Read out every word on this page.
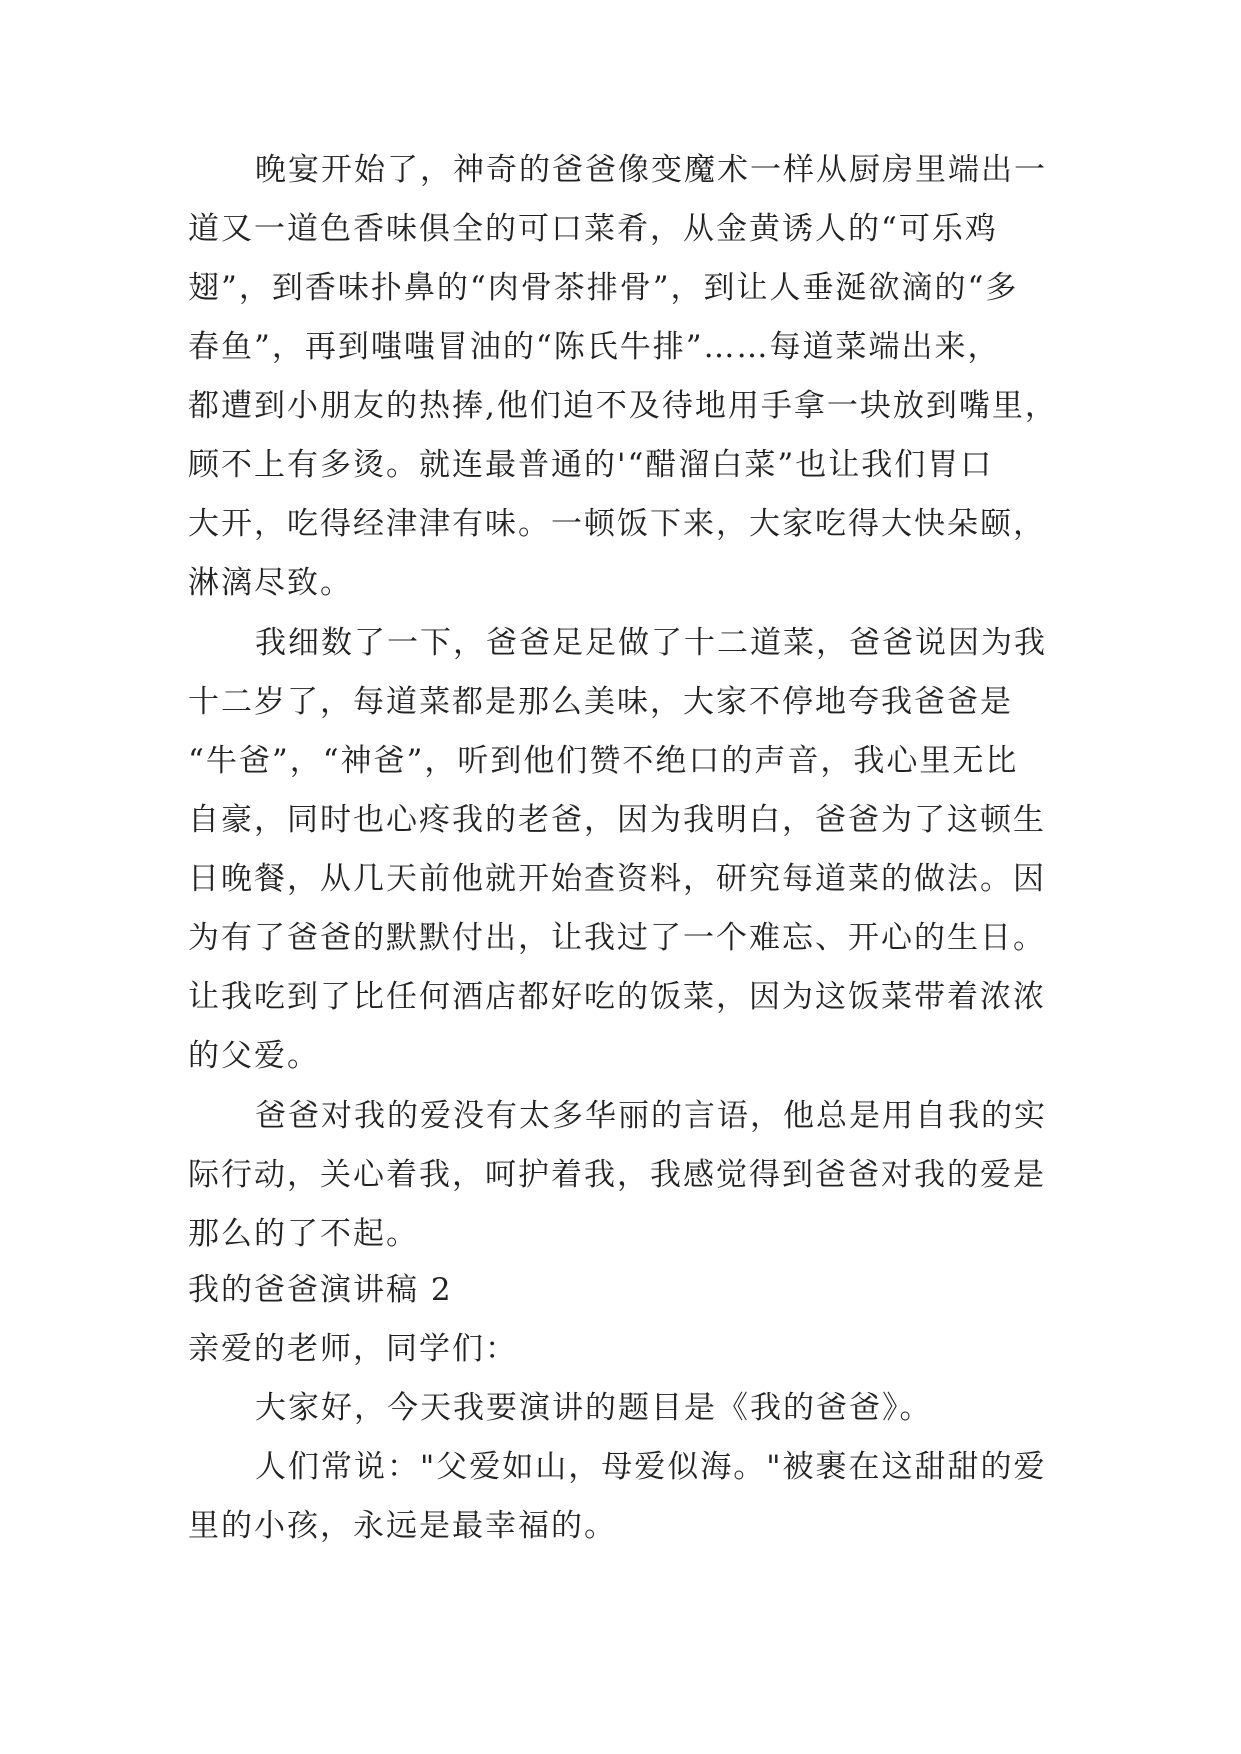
晚宴开始了，神奇的爸爸像变魔术一样从厨房里端出一
道又一道色香味俱全的可口菜肴，从金黄诱人的“可乐鸡
翅”，到香味扑鼻的“肉骨茶排骨”，到让人垂涎欲滴的“多
春鱼”，再到嗤嗤冒油的“陈氏牛排”……每道菜端出来，
都遭到小朋友的热捧,他们迫不及待地用手拿一块放到嘴里，
顾不上有多烫。就连最普通的'“醋溜白菜”也让我们胃口
大开，吃得经津津有味。一顿饭下来，大家吃得大快朵颐，
淋漓尽致。
我细数了一下，爸爸足足做了十二道菜，爸爸说因为我
十二岁了，每道菜都是那么美味，大家不停地夸我爸爸是
“牛爸”，“神爸”，听到他们赞不绝口的声音，我心里无比
自豪，同时也心疼我的老爸，因为我明白，爸爸为了这顿生
日晚餐，从几天前他就开始查资料，研究每道菜的做法。因
为有了爸爸的默默付出，让我过了一个难忘、开心的生日。
让我吃到了比任何酒店都好吃的饭菜，因为这饭菜带着浓浓
的父爱。
爸爸对我的爱没有太多华丽的言语，他总是用自我的实
际行动，关心着我，呵护着我，我感觉得到爸爸对我的爱是
那么的了不起。
我的爸爸演讲稿 2
亲爱的老师，同学们：
大家好，今天我要演讲的题目是《我的爸爸》。
人们常说："父爱如山，母爱似海。"被裹在这甜甜的爱
里的小孩，永远是最幸福的。
